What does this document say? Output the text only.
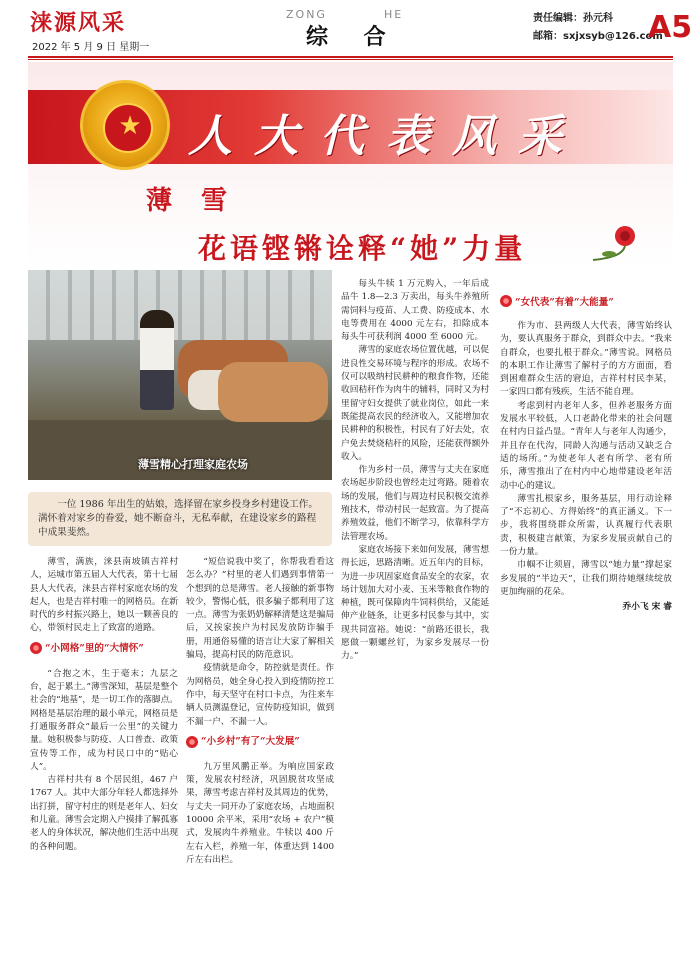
涞源风采
2022 年 5 月 9 日 星期一
ZONG	HE
综 合
责任编辑：孙元科
邮箱：sxjxsyb@126.com
A5
★	人大代表风采
薄 雪
花语铿锵诠释“她”力量
薄雪精心打理家庭农场
一位 1986 年出生的姑娘，选择留在家乡投身乡村建设工作。满怀着对家乡的眷爱，她不断奋斗，无私奉献，在建设家乡的路程中成果斐然。

薄雪，满族，涞县南坡镇吉祥村人，运城市第五届人大代表，第十七届县人大代表，涞县吉祥村家庭农场的发起人，也是吉祥村唯一的网格员。在新时代的乡村振兴路上，她以一颗善良的心，带领村民走上了致富的道路。

“小网格”里的“大情怀”

“合抱之木，生于毫末；九层之台，起于累土。”薄雪深知，基层是整个社会的“地基”，是一切工作的落脚点。网格是基层治理的最小单元，网格员是打通服务群众“最后一公里”的关键力量。她积极参与防疫、人口普查、政策宣传等工作，成为村民口中的“贴心人”。

吉祥村共有 8 个居民组，467 户 1767 人。其中大部分年轻人都选择外出打拼，留守村庄的则是老年人、妇女和儿童。薄雪会定期入户摸排了解孤寡老人的身体状况，解决他们生活中出现的各种问题。

“短信说我中奖了，你帮我看看这怎么办？”村里的老人们遇到事情第一个想到的总是薄雪。老人接触的新事物较少，警惕心低，很多骗子都利用了这一点。薄雪为张奶奶解释清楚这是骗局后，又挨家挨户为村民发放防诈骗手册，用通俗易懂的语言让大家了解相关骗局，提高村民的防范意识。

疫情就是命令，防控就是责任。作为网格员，她全身心投入到疫情防控工作中，每天坚守在村口卡点，为往来车辆人员测温登记，宣传防疫知识，做到不漏一户、不漏一人。

“小乡村”有了“大发展”

九万里风鹏正举。为响应国家政策，发展农村经济，巩固脱贫攻坚成果，薄雪考虑吉祥村及其周边的优势，与丈夫一同开办了家庭农场，占地面积 10000 余平米，采用“农场 + 农户”模式，发展肉牛养殖业。牛犊以 400 斤左右入栏，养殖一年，体重达到 1400 斤左右出栏。

每头牛犊 1 万元购入，一年后成品牛 1.8—2.3 万卖出，每头牛养殖所需饲料与疫苗、人工费、防疫成本、水电等费用在 4000 元左右，扣除成本每头牛可获利润 4000 至 6000 元。

薄雪的家庭农场位置优越，可以促进良性交易环境与程序的形成。农场不仅可以吸纳村民耕种的粮食作物，还能收回秸秆作为肉牛的辅料，同时又为村里留守妇女提供了就业岗位，如此一来既能提高农民的经济收入，又能增加农民耕种的积极性，村民有了好去处，农户免去焚烧秸秆的风险，还能获得额外收入。

作为乡村一员，薄雪与丈夫在家庭农场起步阶段也曾经走过弯路。随着农场的发展，他们与周边村民积极交流养殖技术，带动村民一起致富。为了提高养殖效益，他们不断学习，依靠科学方法管理农场。

家庭农场接下来如何发展，薄雪想得长远，思路清晰。近五年内的目标，为进一步巩固家庭食品安全的农家，农场计划加大对小麦、玉米等粮食作物的种植，既可保障肉牛饲料供给，又能延伸产业链条，让更多村民参与其中，实现共同富裕。她说：“前路还很长，我愿做一颗螺丝钉，为家乡发展尽一份力。”

“女代表”有着“大能量”

作为市、县两级人大代表，薄雪始终认为，要认真服务于群众，到群众中去。“我来自群众，也要扎根于群众。”薄雪说。网格员的本职工作让薄雪了解村子的方方面面，看到困难群众生活的窘迫，吉祥村村民李某，一家四口都有残疾，生活不能自理。

考虑到村内老年人多，但养老服务方面发展水平较低，人口老龄化带来的社会问题在村内日益凸显。“青年人与老年人沟通少，并且存在代沟，同龄人沟通与活动又缺乏合适的场所。”为使老年人老有所学、老有所乐，薄雪推出了在村内中心地带建设老年活动中心的建议。

薄雪扎根家乡，服务基层，用行动诠释了“不忘初心、方得始终”的真正涵义。下一步，我将围绕群众所需，认真履行代表职责，积极建言献策，为家乡发展贡献自己的一份力量。

巾帼不让须眉，薄雪以“她力量”撑起家乡发展的“半边天”，让我们期待她继续绽放更加绚丽的花朵。

乔小飞 宋 睿
